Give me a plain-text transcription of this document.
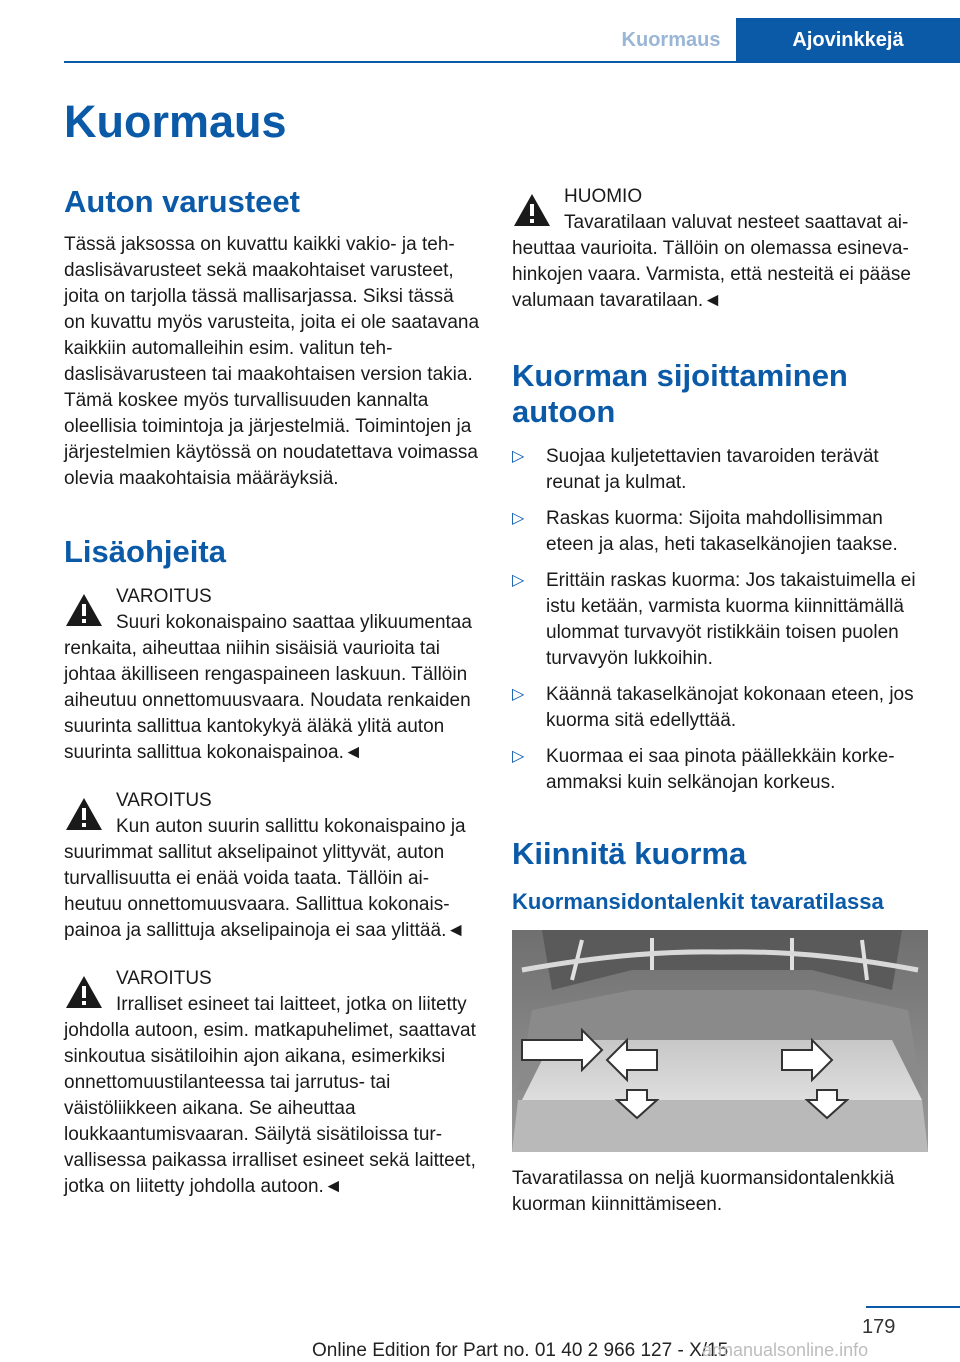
Kuormaus	Ajovinkkejä
Kuormaus
Auton varusteet

Tässä jaksossa on kuvattu kaikki vakio- ja tehdaslisävarusteet sekä maakohtaiset varusteet, joita on tarjolla tässä mallisarjassa. Siksi tässä on kuvattu myös varusteita, joita ei ole saatavana kaikkiin automalleihin esim. valitun tehdaslisävarusteen tai maakohtaisen version takia. Tämä koskee myös turvallisuuden kannalta oleellisia toimintoja ja järjestelmiä. Toimintojen ja järjestelmien käytössä on noudatettava voimassa olevia maakohtaisia määräyksiä.

Lisäohjeita
VAROITUS
Suuri kokonaispaino saattaa ylikuumentaa renkaita, aiheuttaa niihin sisäisiä vaurioita tai johtaa äkilliseen rengaspaineen laskuun. Tällöin aiheutuu onnettomuusvaara. Noudata renkaiden suurinta sallittua kantokykyä äläkä ylitä auton suurinta sallittua kokonaispainoa.◄
VAROITUS
Kun auton suurin sallittu kokonaispaino ja suurimmat sallitut akselipainot ylittyvät, auton turvallisuutta ei enää voida taata. Tällöin aiheutuu onnettomuusvaara. Sallittua kokonaispainoa ja sallittuja akselipainoja ei saa ylittää.◄
VAROITUS
Irralliset esineet tai laitteet, jotka on liitetty johdolla autoon, esim. matkapuhelimet, saattavat sinkoutua sisätiloihin ajon aikana, esimerkiksi onnettomuustilanteessa tai jarrutus- tai väistöliikkeen aikana. Se aiheuttaa loukkaantumisvaaran. Säilytä sisätiloissa turvallisessa paikassa irralliset esineet sekä laitteet, jotka on liitetty johdolla autoon.◄
HUOMIO
Tavaratilaan valuvat nesteet saattavat aiheuttaa vaurioita. Tällöin on olemassa esinevahinkojen vaara. Varmista, että nesteitä ei pääse valumaan tavaratilaan.◄
Kuorman sijoittaminen autoon
▷ Suojaa kuljetettavien tavaroiden terävät reunat ja kulmat.
▷ Raskas kuorma: Sijoita mahdollisimman eteen ja alas, heti takaselkänojien taakse.
▷ Erittäin raskas kuorma: Jos takaistuimella ei istu ketään, varmista kuorma kiinnittämällä ulommat turvavyöt ristikkäin toisen puolen turvavyön lukkoihin.
▷ Käännä takaselkänojat kokonaan eteen, jos kuorma sitä edellyttää.
▷ Kuormaa ei saa pinota päällekkäin korkeammaksi kuin selkänojan korkeus.
Kiinnitä kuorma
Kuormansidontalenkit tavaratilassa

Tavaratilassa on neljä kuormansidontalenkkiä kuorman kiinnittämiseen.

179
Online Edition for Part no. 01 40 2 966 127 - X/15
armanualsonline.info
